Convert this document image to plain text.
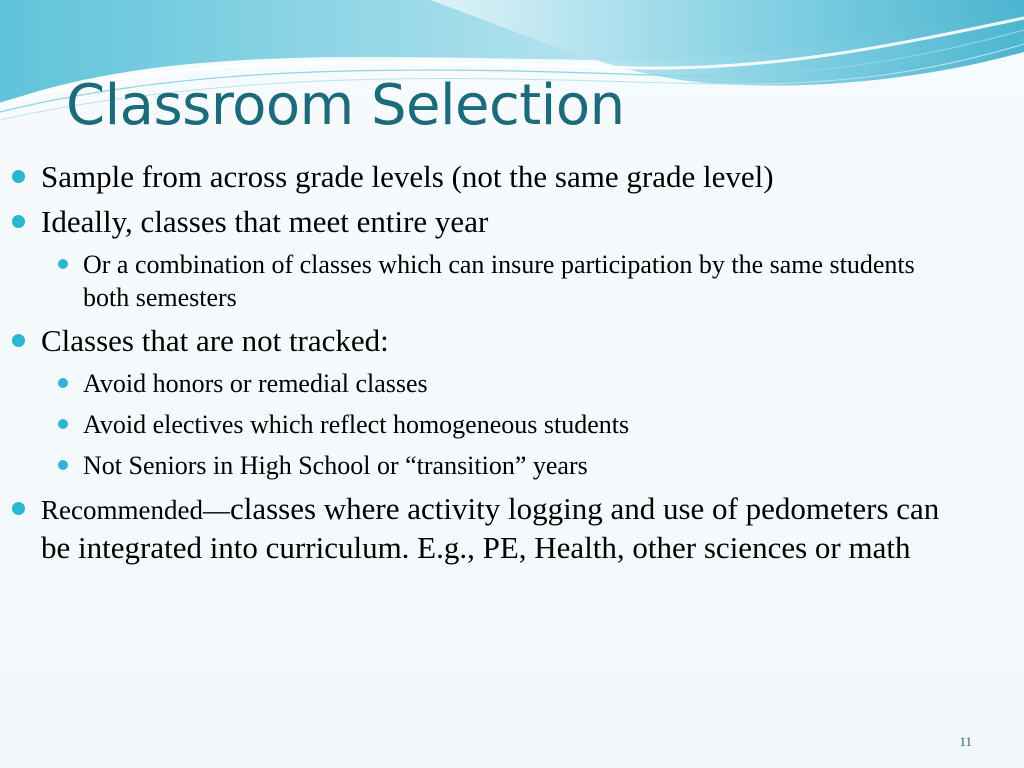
Classroom Selection
Sample from across grade levels (not the same grade level)
Ideally, classes that meet entire year
Or a combination of classes which can insure participation by the same students both semesters
Classes that are not tracked:
Avoid honors or remedial classes
Avoid electives which reflect homogeneous students
Not Seniors in High School or “transition” years
Recommended—classes where activity logging and use of pedometers can be integrated into curriculum. E.g., PE, Health, other sciences or math
11
